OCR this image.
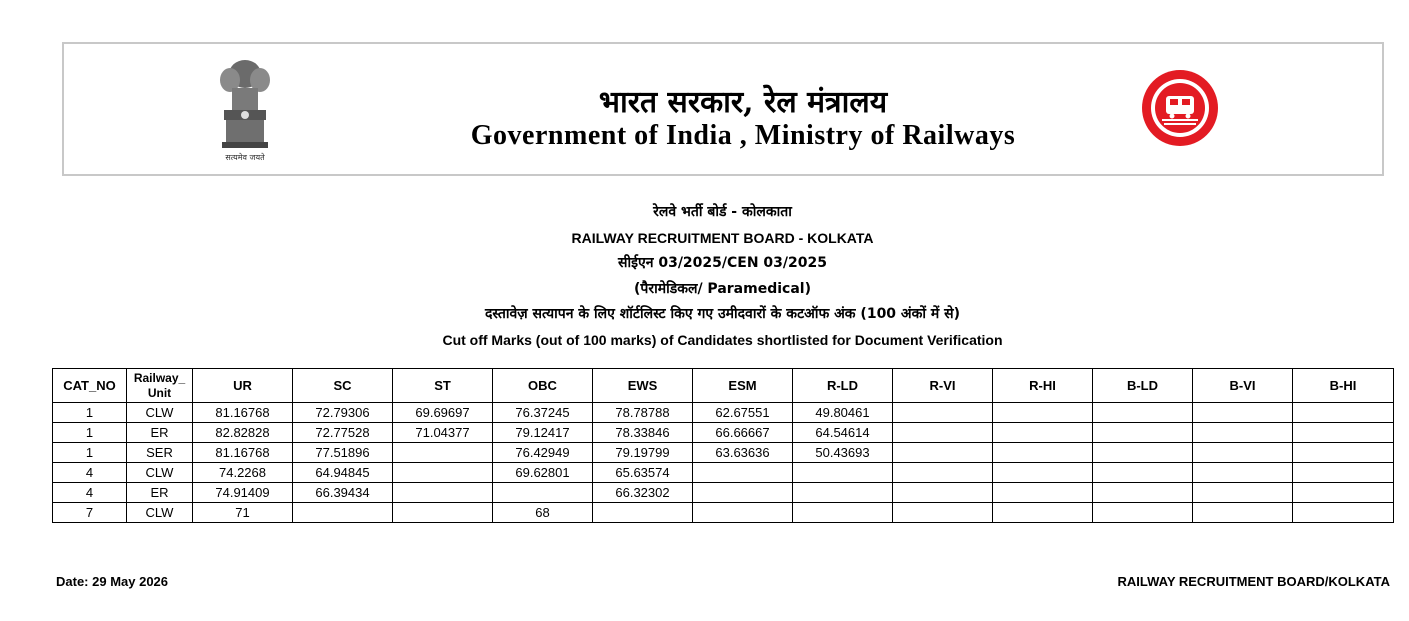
सत्यमेव जयते
भारत सरकार, रेल मंत्रालय
Government of India , Ministry of Railways
रेलवे भर्ती बोर्ड - कोलकाता
RAILWAY RECRUITMENT BOARD - KOLKATA
सीईएन 03/2025/CEN 03/2025
(पैरामेडिकल/ Paramedical)
दस्तावेज़ सत्यापन के लिए शॉर्टलिस्ट किए गए उमीदवारों के कटऑफ अंक (100 अंकों में से)
Cut off Marks (out of 100 marks) of Candidates shortlisted for Document Verification
CAT_NO	Railway_ Unit	UR	SC	ST	OBC	EWS	ESM	R-LD	R-VI	R-HI	B-LD	B-VI	B-HI
1	CLW	81.16768	72.79306	69.69697	76.37245	78.78788	62.67551	49.80461					
1	ER	82.82828	72.77528	71.04377	79.12417	78.33846	66.66667	64.54614					
1	SER	81.16768	77.51896		76.42949	79.19799	63.63636	50.43693					
4	CLW	74.2268	64.94845		69.62801	65.63574							
4	ER	74.91409	66.39434			66.32302							
7	CLW	71			68								
Date: 29 May 2026	RAILWAY RECRUITMENT BOARD/KOLKATA
